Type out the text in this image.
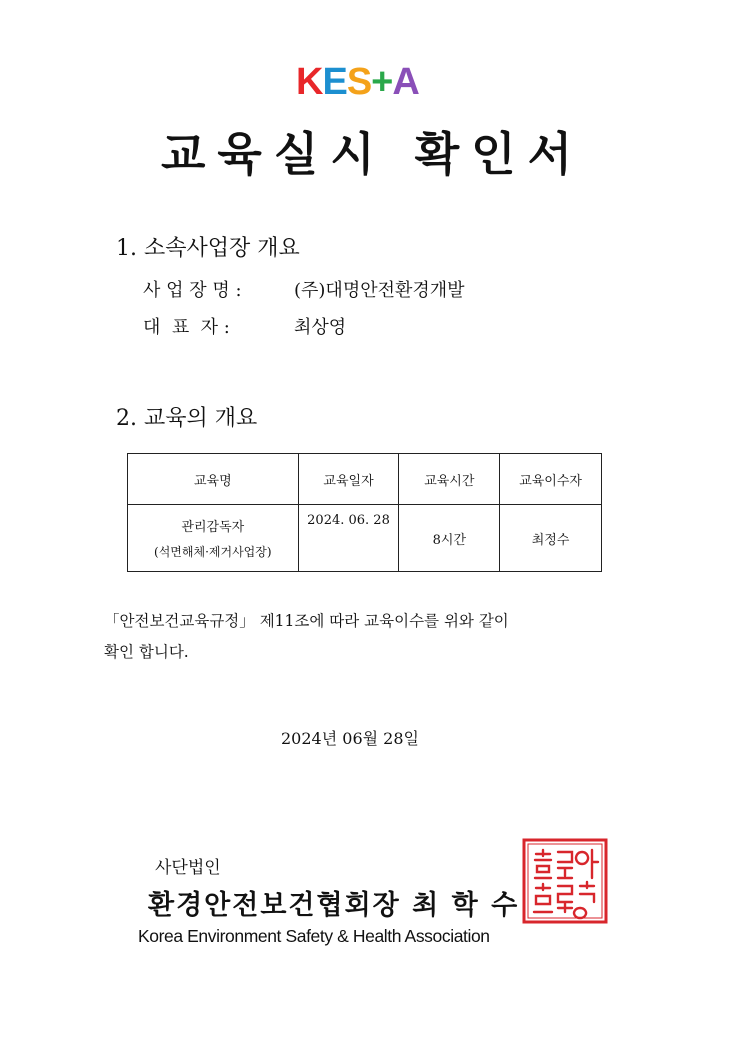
K E S + A
교육실시 확인서
1. 소속사업장 개요
사 업 장 명 :	(주)대명안전환경개발
대  표  자 :	최상영
2. 교육의 개요
교육명	교육일자	교육시간	교육이수자

관리감독자
(석면해체·제거사업장)	2024. 06. 28	8시간	최정수
「안전보건교육규정」 제11조에 따라 교육이수를 위와 같이
확인 합니다.
2024년 06월 28일
사단법인
환경안전보건협회장 최 학 수
Korea Environment Safety & Health Association
